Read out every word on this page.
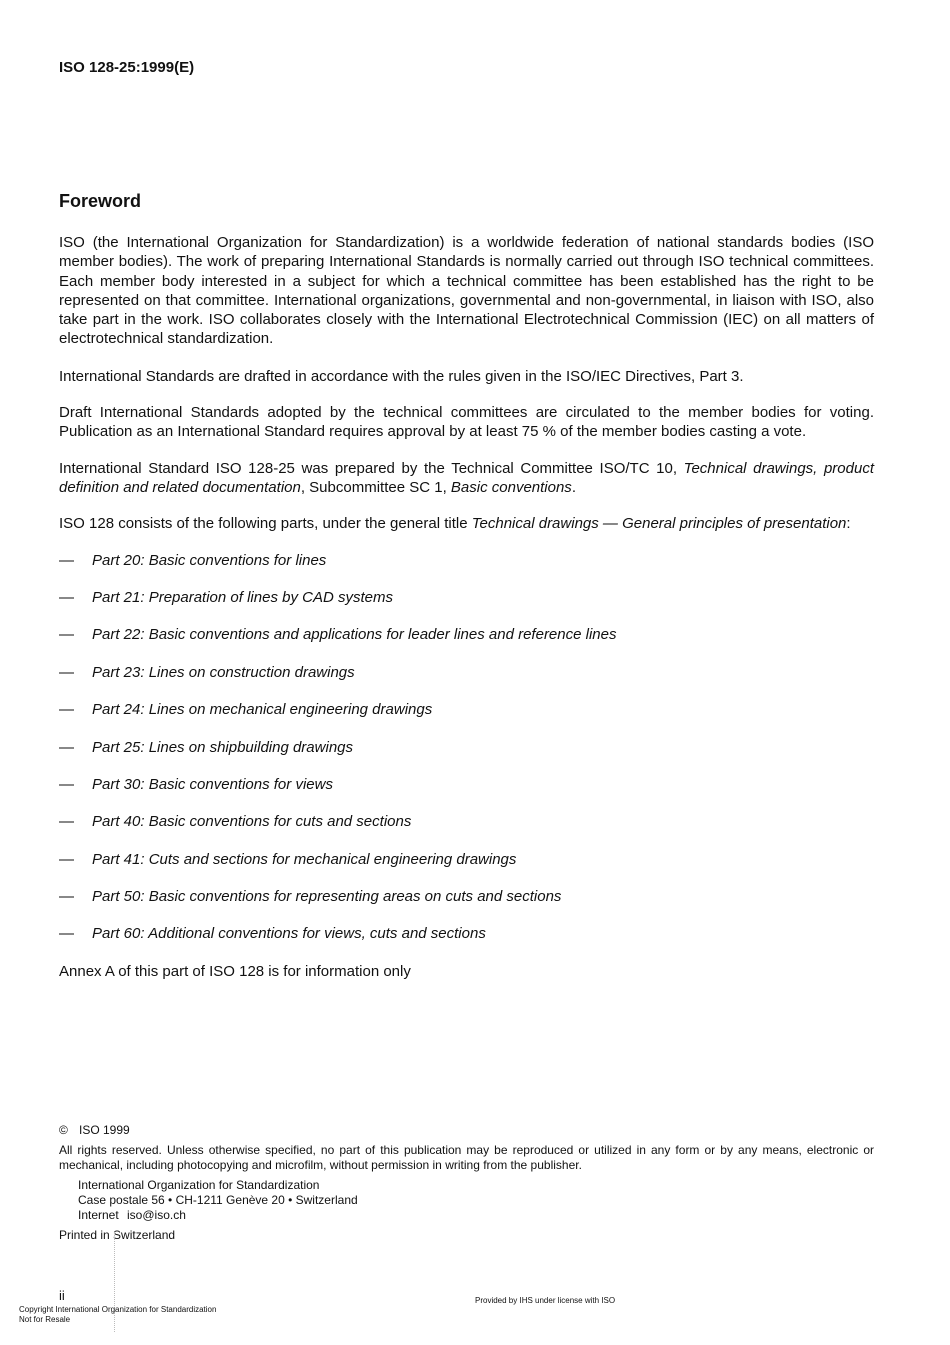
ISO 128-25:1999(E)
Foreword

ISO (the International Organization for Standardization) is a worldwide federation of national standards bodies (ISO member bodies). The work of preparing International Standards is normally carried out through ISO technical committees. Each member body interested in a subject for which a technical committee has been established has the right to be represented on that committee. International organizations, governmental and non-governmental, in liaison with ISO, also take part in the work. ISO collaborates closely with the International Electrotechnical Commission (IEC) on all matters of electrotechnical standardization.

International Standards are drafted in accordance with the rules given in the ISO/IEC Directives, Part 3.

Draft International Standards adopted by the technical committees are circulated to the member bodies for voting. Publication as an International Standard requires approval by at least 75 % of the member bodies casting a vote.

International Standard ISO 128-25 was prepared by the Technical Committee ISO/TC 10, Technical drawings, product definition and related documentation, Subcommittee SC 1, Basic conventions.

ISO 128 consists of the following parts, under the general title Technical drawings — General principles of presentation:

— Part 20: Basic conventions for lines
— Part 21: Preparation of lines by CAD systems
— Part 22: Basic conventions and applications for leader lines and reference lines
— Part 23: Lines on construction drawings
— Part 24: Lines on mechanical engineering drawings
— Part 25: Lines on shipbuilding drawings
— Part 30: Basic conventions for views
— Part 40: Basic conventions for cuts and sections
— Part 41: Cuts and sections for mechanical engineering drawings
— Part 50: Basic conventions for representing areas on cuts and sections
— Part 60: Additional conventions for views, cuts and sections

Annex A of this part of ISO 128 is for information only

© ISO 1999
All rights reserved. Unless otherwise specified, no part of this publication may be reproduced or utilized in any form or by any means, electronic or mechanical, including photocopying and microfilm, without permission in writing from the publisher.
International Organization for Standardization
Case postale 56 • CH-1211 Genève 20 • Switzerland
Internet iso@iso.ch
Printed in Switzerland
ii	Provided by IHS under license with ISO
Copyright International Organization for Standardization
Not for Resale
